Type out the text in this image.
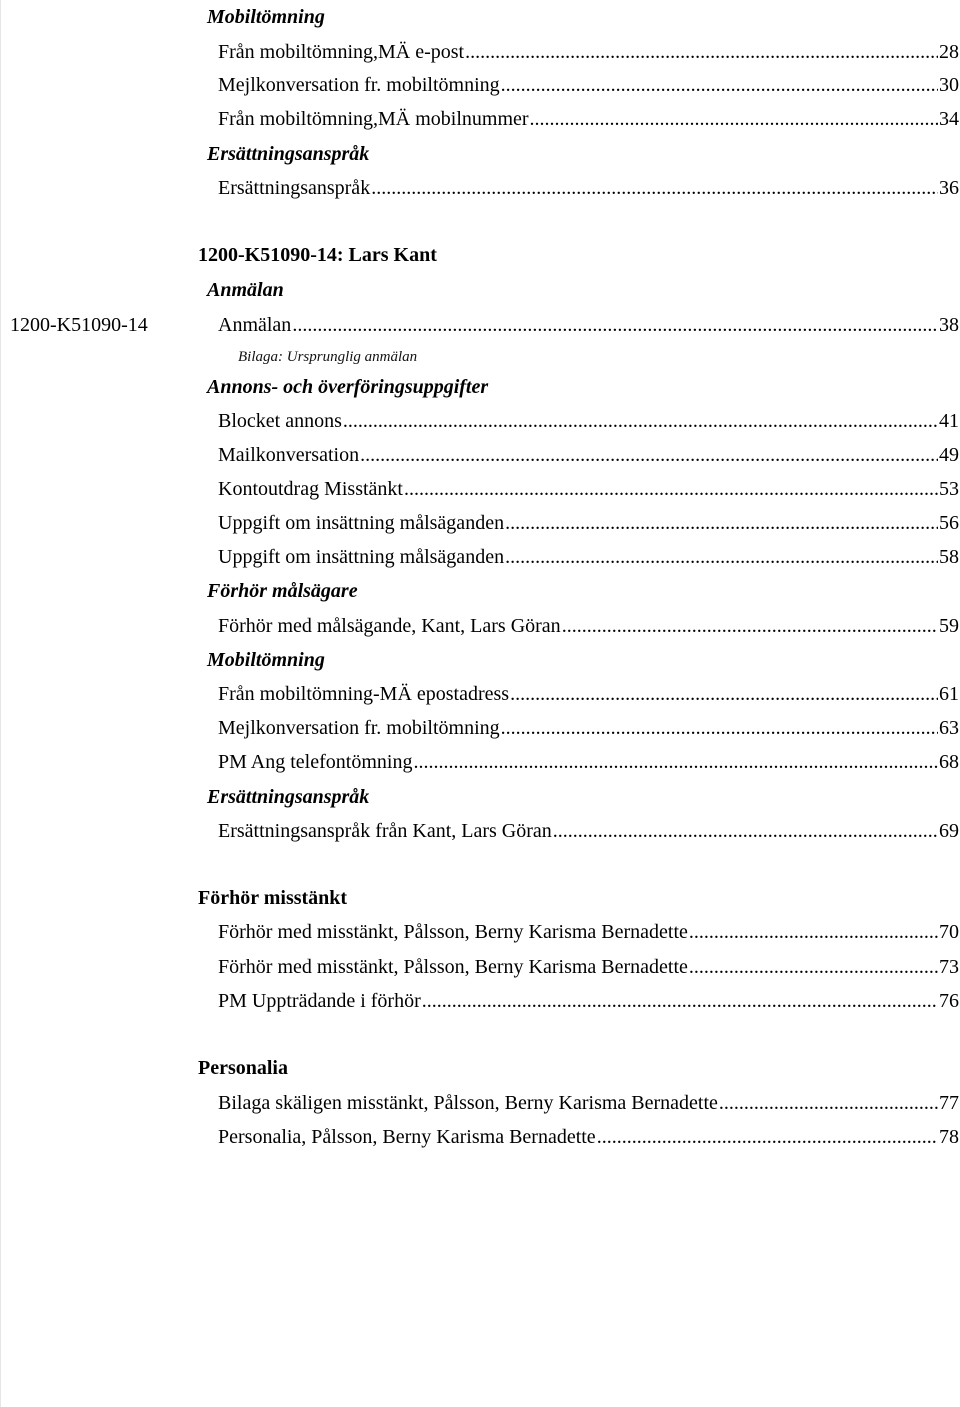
Mobiltömning
Från mobiltömning,MÄ e-post .....	28
Mejlkonversation fr. mobiltömning .....	30
Från mobiltömning,MÄ mobilnummer .....	34
Ersättningsanspråk
Ersättningsanspråk .....	36
1200-K51090-14: Lars Kant
Anmälan
1200-K51090-14	Anmälan .....	38
Bilaga: Ursprunglig anmälan
Annons- och överföringsuppgifter
Blocket annons .....	41
Mailkonversation .....	49
Kontoutdrag Misstänkt .....	53
Uppgift om insättning målsäganden .....	56
Uppgift om insättning målsäganden .....	58
Förhör målsägare
Förhör med målsägande, Kant, Lars Göran .....	59
Mobiltömning
Från mobiltömning-MÄ epostadress .....	61
Mejlkonversation fr. mobiltömning .....	63
PM Ang telefontömning .....	68
Ersättningsanspråk
Ersättningsanspråk från Kant, Lars Göran .....	69
Förhör misstänkt
Förhör med misstänkt, Pålsson, Berny Karisma Bernadette .....	70
Förhör med misstänkt, Pålsson, Berny Karisma Bernadette .....	73
PM Uppträdande i förhör .....	76
Personalia
Bilaga skäligen misstänkt, Pålsson, Berny Karisma Bernadette .....	77
Personalia, Pålsson, Berny Karisma Bernadette .....	78
